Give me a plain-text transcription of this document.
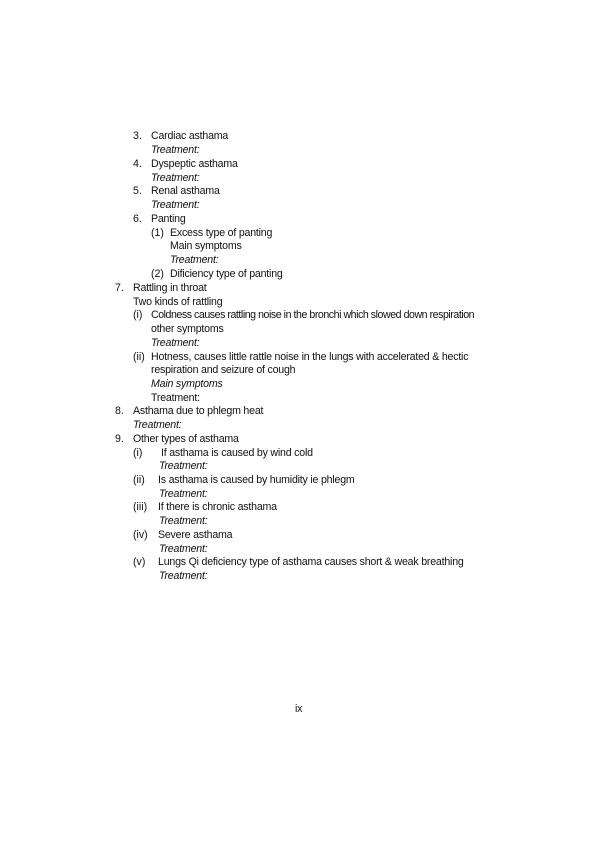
3. Cardiac asthama
Treatment:
4. Dyspeptic asthama
Treatment:
5. Renal asthama
Treatment:
6. Panting
(1) Excess type of panting
Main symptoms
Treatment:
(2) Dificiency type of panting
7. Rattling in throat
Two kinds of rattling
(i) Coldness causes rattling noise in the bronchi which slowed down respiration
other symptoms
Treatment:
(ii) Hotness, causes little rattle noise in the lungs with accelerated & hectic
respiration and seizure of cough
Main symptoms
Treatment:
8. Asthama due to phlegm heat
Treatment:
9. Other types of asthama
(i) If asthama is caused by wind cold
Treatment:
(ii) Is asthama is caused by humidity ie phlegm
Treatment:
(iii) If there is chronic asthama
Treatment:
(iv) Severe asthama
Treatment:
(v) Lungs Qi deficiency type of asthama causes short & weak breathing
Treatment:
ix
